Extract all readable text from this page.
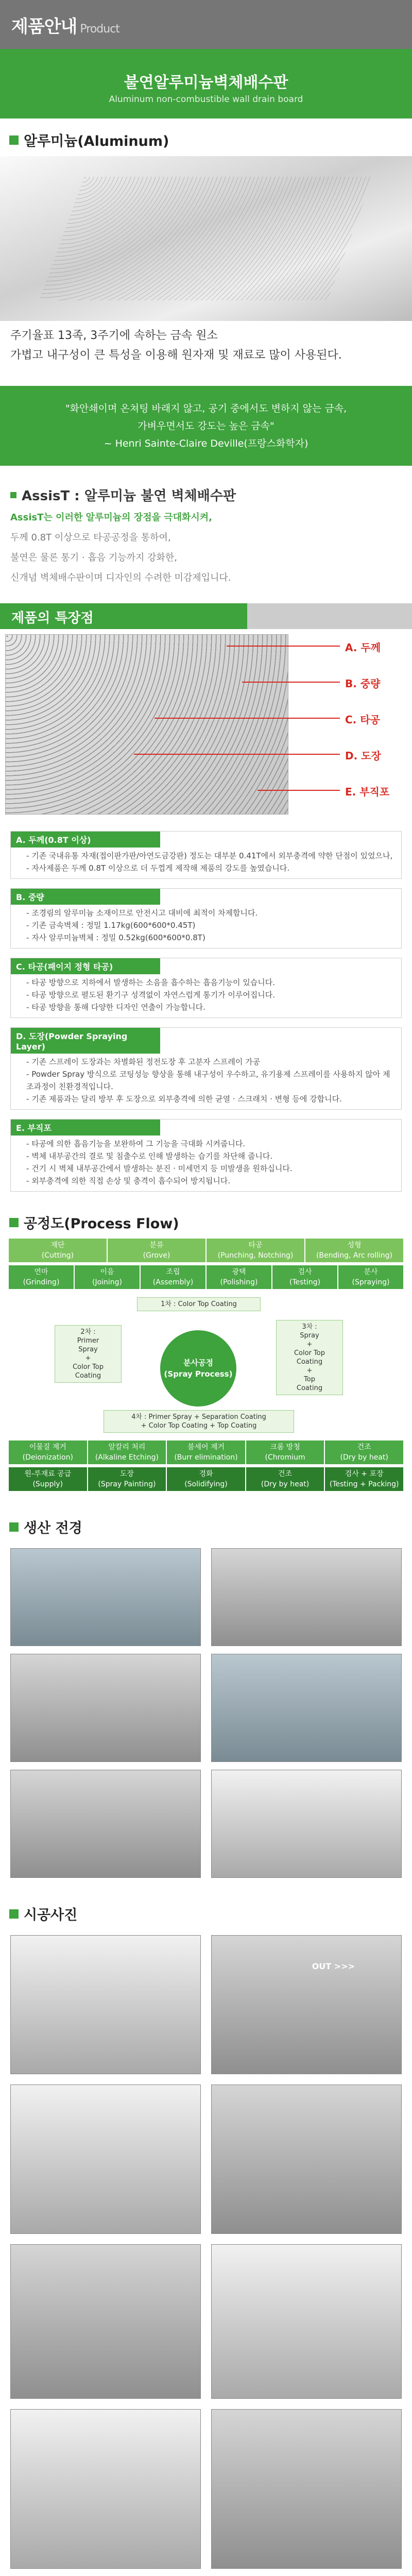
제품안내 Product
불연알루미늄벽체배수판
Aluminum non-combustible wall drain board
알루미늄(Aluminum)
주기율표 13족, 3주기에 속하는 금속 원소
가볍고 내구성이 큰 특성을 이용해 원자재 및 재료로 많이 사용된다.
"화안쇄이며 온쳐팅 바래지 않고, 공기 중에서도 변하지 않는 금속,
가벼우면서도 강도는 높은 금속"
~ Henri Sainte-Claire Deville(프랑스화학자)
AssisT : 알루미늄 불연 벽체배수판

AssisT는 이러한 알루미늄의 장점을 극대화시켜,

두께 0.8T 이상으로 타공공정을 통하여,

불연은 물론 통기 · 흡음 기능까지 강화한,

신개념 벽체배수판이며 디자인의 수려한 미감제입니다.

제품의 특장점
A. 두께
B. 중량
C. 타공
D. 도장
E. 부직포
A. 두께(0.8T 이상)
- 기존 국내유통 자재(접이판가판/아연도금강판) 정도는 대부분 0.41T에서 외부충격에 약한 단점이 있었으나,
- 자사제품은 두께 0.8T 이상으로 더 두껍게 제작해 제품의 강도를 높였습니다.
B. 중량
- 조경림의 알루미늄 소재이므로 안전시고 대비에 최적이 차제합니다.
- 기존 금속벽체 : 정밀 1.17kg(600*600*0.45T)
- 자사 알루미늄벽체 : 정밀 0.52kg(600*600*0.8T)
C. 타공(패이지 정형 타공)
- 타공 방향으로 지하에서 발생하는 소음을 흡수하는 흡음기능이 있습니다.
- 타공 방향으로 펼도된 환기구 성격없이 자연스럽게 통기가 이루어집니다.
- 타공 방향을 통해 다양한 디자인 연출이 가능합니다.
D. 도장(Powder Spraying Layer)
- 기존 스프레이 도장과는 차별화된 정전도장 후 고분자 스프레이 가공
- Powder Spray 방식으로 코팅성능 향상을 통해 내구성이 우수하고, 유기용제 스프레이를 사용하지 않아 제조과정이 친환경적입니다.
- 기존 제품과는 달리 방부 후 도장으로 외부충격에 의한 균열 · 스크래치 · 변형 등에 강합니다.
E. 부직포
- 타공에 의한 흡음기능을 보완하여 그 기능을 극대화 시켜줍니다.
- 벽체 내부공간의 결로 및 침출수로 인해 발생하는 습기를 차단해 줍니다.
- 건기 시 벽체 내부공간에서 발생하는 분진 · 미세먼지 등 미발생을 원하십니다.
- 외부충격에 의한 직접 손상 및 충격이 흡수되어 방지됩니다.
공정도(Process Flow)
재단
(Cutting)
분류
(Grove)
타공
(Punching, Notching)
성형
(Bending, Arc rolling)
연마
(Grinding)
이음
(Joining)
조립
(Assembly)
광택
(Polishing)
검사
(Testing)
분사
(Spraying)
1차 : Color Top Coating
2차 :
Primer
Spray
+
Color Top
Coating
분사공정
(Spray Process)
3차 :
Spray
+
Color Top
Coating
+
Top
Coating
4차 : Primer Spray + Separation Coating
+ Color Top Coating + Top Coating
이물질 제거
(Deionization)
알칼리 처리
(Alkaline Etching)
불세어 제거
(Burr elimination)
크롬 방청
(Chromium
건조
(Dry by heat)
원-루재료 공급
(Supply)
도장
(Spray Painting)
경화
(Solidifying)
건조
(Dry by heat)
검사 + 포장
(Testing + Packing)
생산 전경
시공사진
OUT >>>
